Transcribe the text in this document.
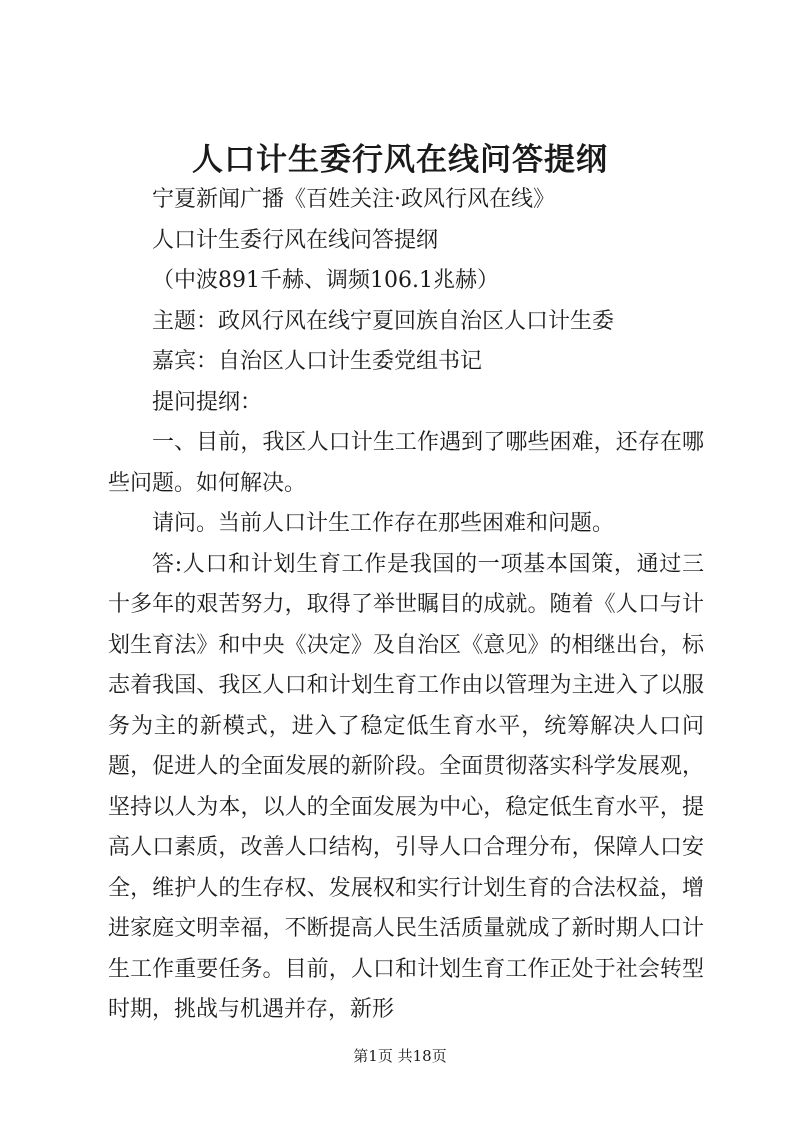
人口计生委行风在线问答提纲

宁夏新闻广播《百姓关注·政风行风在线》

人口计生委行风在线问答提纲

（中波891千赫、调频106.1兆赫）

主题：政风行风在线宁夏回族自治区人口计生委

嘉宾：自治区人口计生委党组书记

提问提纲：

一、目前，我区人口计生工作遇到了哪些困难，还存在哪些问题。如何解决。

请问。当前人口计生工作存在那些困难和问题。

答:人口和计划生育工作是我国的一项基本国策，通过三十多年的艰苦努力，取得了举世瞩目的成就。随着《人口与计划生育法》和中央《决定》及自治区《意见》的相继出台，标志着我国、我区人口和计划生育工作由以管理为主进入了以服务为主的新模式，进入了稳定低生育水平，统筹解决人口问题，促进人的全面发展的新阶段。全面贯彻落实科学发展观，坚持以人为本，以人的全面发展为中心，稳定低生育水平，提高人口素质，改善人口结构，引导人口合理分布，保障人口安全，维护人的生存权、发展权和实行计划生育的合法权益，增进家庭文明幸福，不断提高人民生活质量就成了新时期人口计生工作重要任务。目前，人口和计划生育工作正处于社会转型时期，挑战与机遇并存，新形

第1页 共18页
